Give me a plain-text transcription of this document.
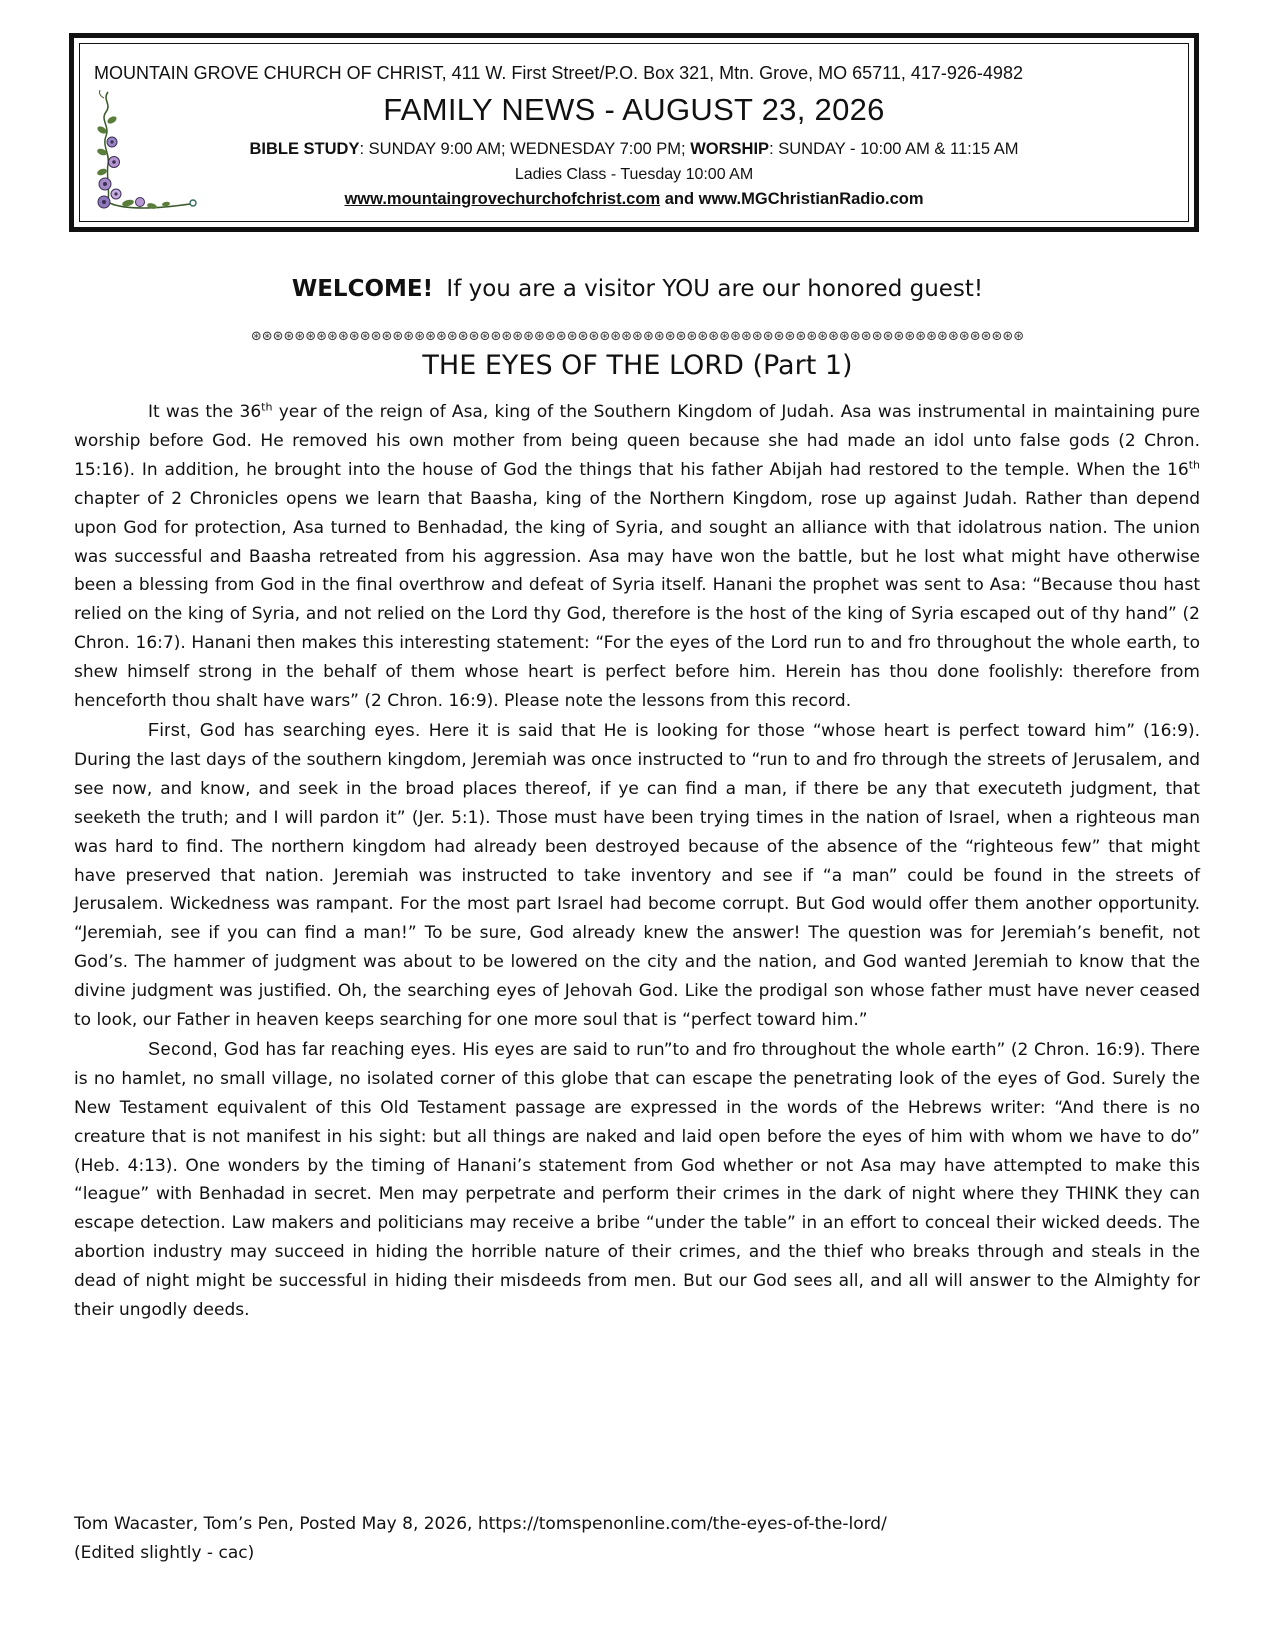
MOUNTAIN GROVE CHURCH OF CHRIST, 411 W. First Street/P.O. Box 321, Mtn. Grove, MO 65711, 417-926-4982
FAMILY NEWS - AUGUST 23, 2026
BIBLE STUDY: SUNDAY 9:00 AM; WEDNESDAY 7:00 PM; WORSHIP: SUNDAY - 10:00 AM & 11:15 AM
Ladies Class - Tuesday 10:00 AM
www.mountaingrovechurchofchrist.com and www.MGChristianRadio.com
WELCOME! If you are a visitor YOU are our honored guest!
⊛⊛⊛⊛⊛⊛⊛⊛⊛⊛⊛⊛⊛⊛⊛⊛⊛⊛⊛⊛⊛⊛⊛⊛⊛⊛⊛⊛⊛⊛⊛⊛⊛⊛⊛⊛⊛⊛⊛⊛⊛⊛⊛⊛⊛⊛⊛⊛⊛⊛⊛⊛⊛⊛⊛⊛⊛⊛⊛⊛⊛⊛⊛⊛⊛⊛⊛⊛⊛⊛⊛
THE EYES OF THE LORD (Part 1)

It was the 36th year of the reign of Asa, king of the Southern Kingdom of Judah. Asa was instrumental in maintaining pure worship before God. He removed his own mother from being queen because she had made an idol unto false gods (2 Chron. 15:16). In addition, he brought into the house of God the things that his father Abijah had restored to the temple. When the 16th chapter of 2 Chronicles opens we learn that Baasha, king of the Northern Kingdom, rose up against Judah. Rather than depend upon God for protection, Asa turned to Benhadad, the king of Syria, and sought an alliance with that idolatrous nation. The union was successful and Baasha retreated from his aggression. Asa may have won the battle, but he lost what might have otherwise been a blessing from God in the final overthrow and defeat of Syria itself. Hanani the prophet was sent to Asa: “Because thou hast relied on the king of Syria, and not relied on the Lord thy God, therefore is the host of the king of Syria escaped out of thy hand” (2 Chron. 16:7). Hanani then makes this interesting statement: “For the eyes of the Lord run to and fro throughout the whole earth, to shew himself strong in the behalf of them whose heart is perfect before him. Herein has thou done foolishly: therefore from henceforth thou shalt have wars” (2 Chron. 16:9). Please note the lessons from this record.

First, God has searching eyes. Here it is said that He is looking for those “whose heart is perfect toward him” (16:9). During the last days of the southern kingdom, Jeremiah was once instructed to “run to and fro through the streets of Jerusalem, and see now, and know, and seek in the broad places thereof, if ye can find a man, if there be any that executeth judgment, that seeketh the truth; and I will pardon it” (Jer. 5:1). Those must have been trying times in the nation of Israel, when a righteous man was hard to find. The northern kingdom had already been destroyed because of the absence of the “righteous few” that might have preserved that nation. Jeremiah was instructed to take inventory and see if “a man” could be found in the streets of Jerusalem. Wickedness was rampant. For the most part Israel had become corrupt. But God would offer them another opportunity. “Jeremiah, see if you can find a man!” To be sure, God already knew the answer! The question was for Jeremiah’s benefit, not God’s. The hammer of judgment was about to be lowered on the city and the nation, and God wanted Jeremiah to know that the divine judgment was justified. Oh, the searching eyes of Jehovah God. Like the prodigal son whose father must have never ceased to look, our Father in heaven keeps searching for one more soul that is “perfect toward him.”

Second, God has far reaching eyes. His eyes are said to run”to and fro throughout the whole earth” (2 Chron. 16:9). There is no hamlet, no small village, no isolated corner of this globe that can escape the penetrating look of the eyes of God. Surely the New Testament equivalent of this Old Testament passage are expressed in the words of the Hebrews writer: “And there is no creature that is not manifest in his sight: but all things are naked and laid open before the eyes of him with whom we have to do” (Heb. 4:13). One wonders by the timing of Hanani’s statement from God whether or not Asa may have attempted to make this “league” with Benhadad in secret. Men may perpetrate and perform their crimes in the dark of night where they THINK they can escape detection. Law makers and politicians may receive a bribe “under the table” in an effort to conceal their wicked deeds. The abortion industry may succeed in hiding the horrible nature of their crimes, and the thief who breaks through and steals in the dead of night might be successful in hiding their misdeeds from men. But our God sees all, and all will answer to the Almighty for their ungodly deeds.

Tom Wacaster, Tom’s Pen, Posted May 8, 2026, https://tomspenonline.com/the-eyes-of-the-lord/
(Edited slightly - cac)
